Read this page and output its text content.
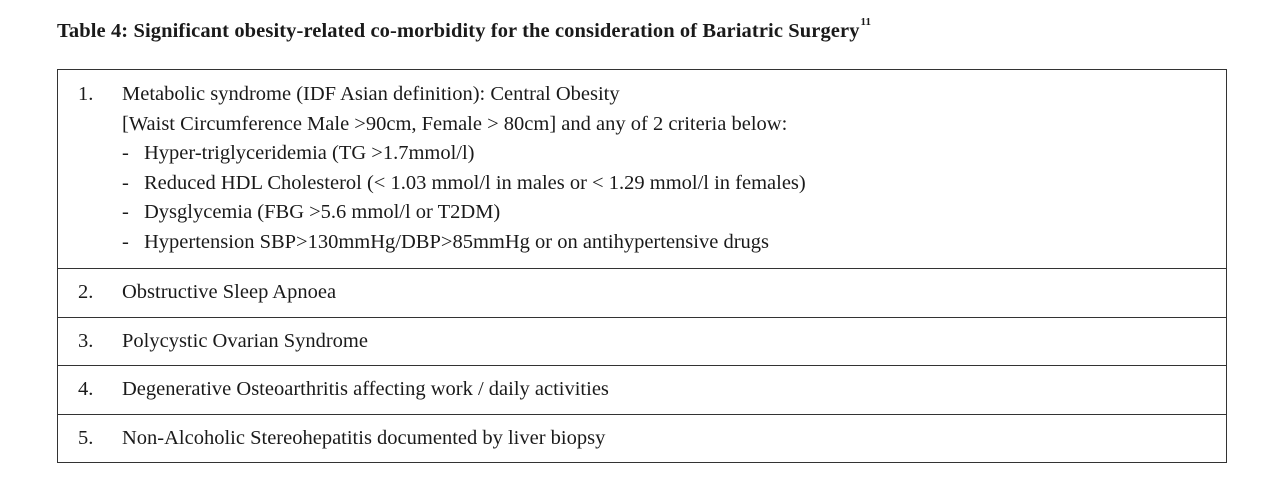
Table 4: Significant obesity-related co-morbidity for the consideration of Bariatric Surgery$^{11}$
1. Metabolic syndrome (IDF Asian definition): Central Obesity
[Waist Circumference Male >90cm, Female > 80cm] and any of 2 criteria below:
- Hyper-triglyceridemia (TG >1.7mmol/l)
- Reduced HDL Cholesterol (< 1.03 mmol/l in males or < 1.29 mmol/l in females)
- Dysglycemia (FBG >5.6 mmol/l or T2DM)
- Hypertension SBP>130mmHg/DBP>85mmHg or on antihypertensive drugs
2. Obstructive Sleep Apnoea
3. Polycystic Ovarian Syndrome
4. Degenerative Osteoarthritis affecting work / daily activities
5. Non-Alcoholic Stereohepatitis documented by liver biopsy
